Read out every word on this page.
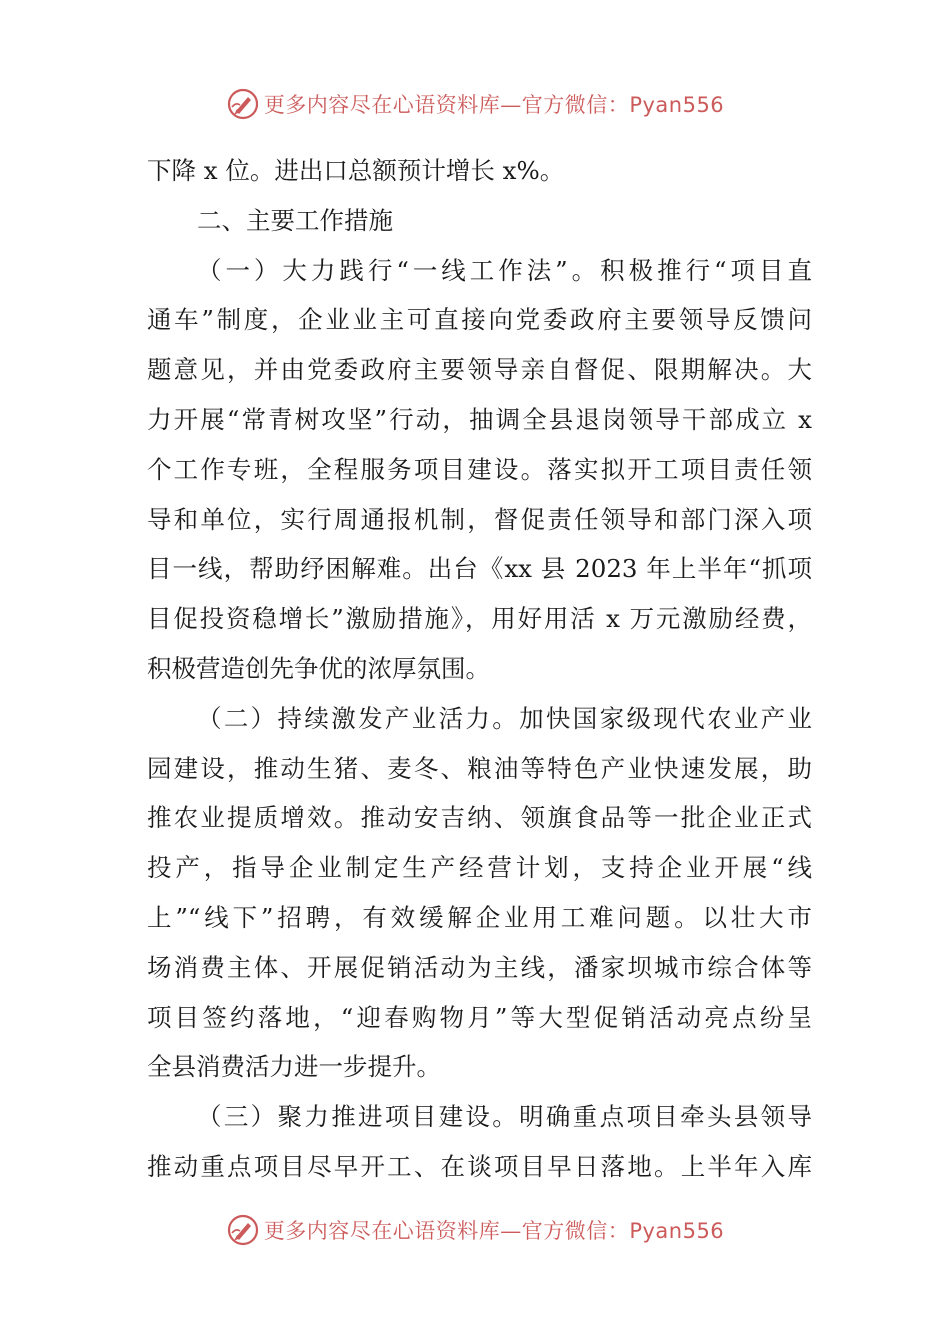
更多内容尽在心语资料库—官方微信：Pyan556
下降 x 位。进出口总额预计增长 x%。
二、主要工作措施
（一）大力践行“一线工作法”。积极推行“项目直
通车”制度，企业业主可直接向党委政府主要领导反馈问
题意见，并由党委政府主要领导亲自督促、限期解决。大
力开展“常青树攻坚”行动，抽调全县退岗领导干部成立 x
个工作专班，全程服务项目建设。落实拟开工项目责任领
导和单位，实行周通报机制，督促责任领导和部门深入项
目一线，帮助纾困解难。出台《xx 县 2023 年上半年“抓项
目促投资稳增长”激励措施》，用好用活 x 万元激励经费，
积极营造创先争优的浓厚氛围。
（二）持续激发产业活力。加快国家级现代农业产业
园建设，推动生猪、麦冬、粮油等特色产业快速发展，助
推农业提质增效。推动安吉纳、领旗食品等一批企业正式
投产，指导企业制定生产经营计划，支持企业开展“线
上”“线下”招聘，有效缓解企业用工难问题。以壮大市
场消费主体、开展促销活动为主线，潘家坝城市综合体等
项目签约落地，“迎春购物月”等大型促销活动亮点纷呈
全县消费活力进一步提升。
（三）聚力推进项目建设。明确重点项目牵头县领导
推动重点项目尽早开工、在谈项目早日落地。上半年入库
更多内容尽在心语资料库—官方微信：Pyan556
